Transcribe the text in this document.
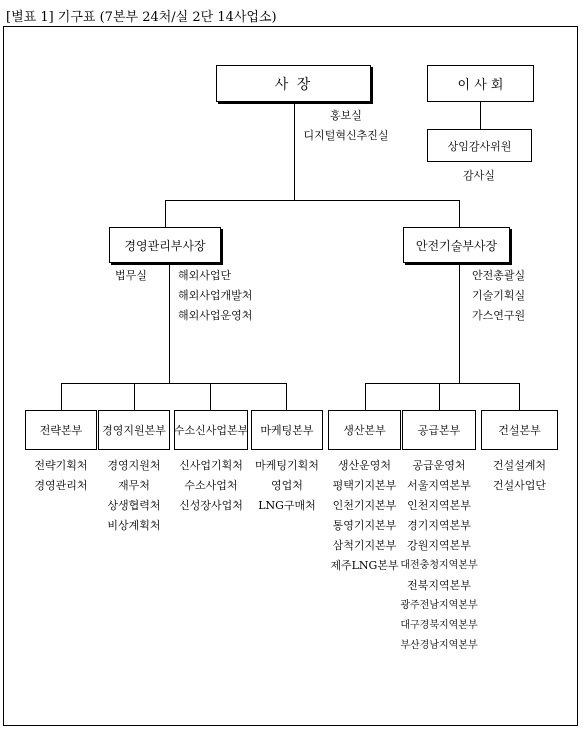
[별표 1] 기구표 (7본부 24처/실 2단 14사업소)
사 장	이 사 회
홍보실
디지털혁신추진실
상임감사위원
감사실
경영관리부사장	안전기술부사장
법무실	해외사업단
해외사업개발처
해외사업운영처
안전총괄실
기술기획실
가스연구원
전략본부 경영지원본부 수소신사업본부 마케팅본부	생산본부	공급본부	건설본부
전략기획처
경영관리처
경영지원처
재무처
상생협력처
비상계획처
신사업기획처
수소사업처
신성장사업처
마케팅기획처
영업처
LNG구매처
생산운영처
평택기지본부
인천기지본부
통영기지본부
삼척기지본부
제주LNG본부
공급운영처
서울지역본부
인천지역본부
경기지역본부
강원지역본부
대전충청지역본부
전북지역본부
광주전남지역본부
대구경북지역본부
부산경남지역본부
건설설계처
건설사업단
